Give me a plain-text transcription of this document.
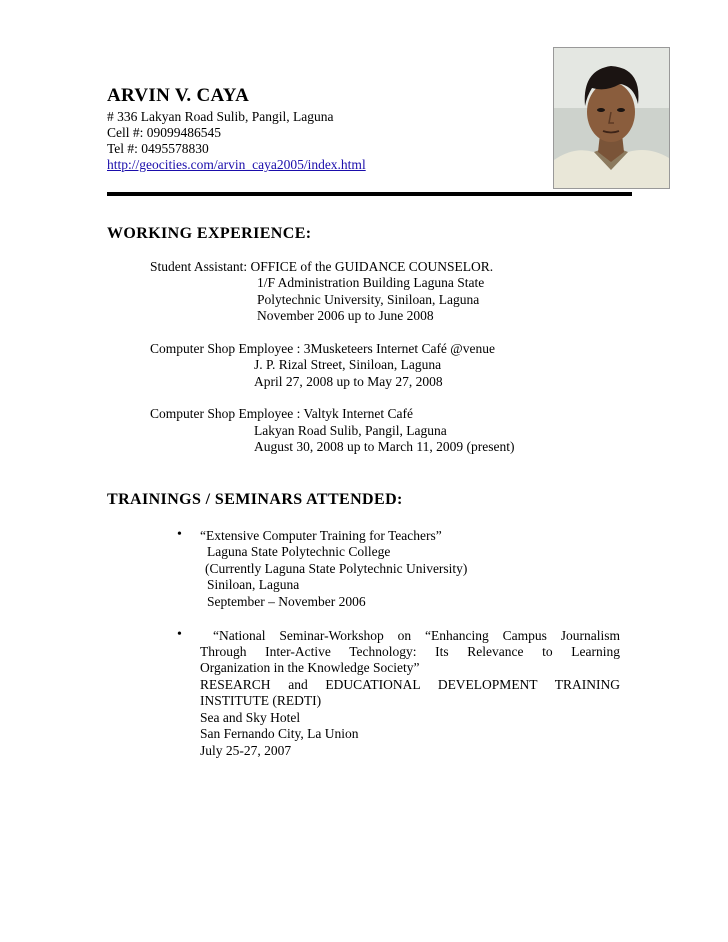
ARVIN V. CAYA
# 336 Lakyan Road Sulib, Pangil, Laguna
Cell #: 09099486545
Tel #: 0495578830
http://geocities.com/arvin_caya2005/index.html
WORKING EXPERIENCE:
Student Assistant: OFFICE of the GUIDANCE COUNSELOR.
1/F Administration Building Laguna State
Polytechnic University, Siniloan, Laguna
November 2006 up to June 2008
Computer Shop Employee : 3Musketeers Internet Café @venue
J. P. Rizal Street, Siniloan, Laguna
April 27, 2008 up to May 27, 2008
Computer Shop Employee : Valtyk Internet Café
Lakyan Road Sulib, Pangil, Laguna
August 30, 2008 up to March 11, 2009 (present)
TRAININGS / SEMINARS ATTENDED:
• “Extensive Computer Training for Teachers”
Laguna State Polytechnic College
(Currently Laguna State Polytechnic University)
Siniloan, Laguna
September – November 2006
• “National Seminar-Workshop on “Enhancing Campus Journalism
Through Inter-Active Technology: Its Relevance to Learning
Organization in the Knowledge Society”
RESEARCH and EDUCATIONAL DEVELOPMENT TRAINING
INSTITUTE (REDTI)
Sea and Sky Hotel
San Fernando City, La Union
July 25-27, 2007
